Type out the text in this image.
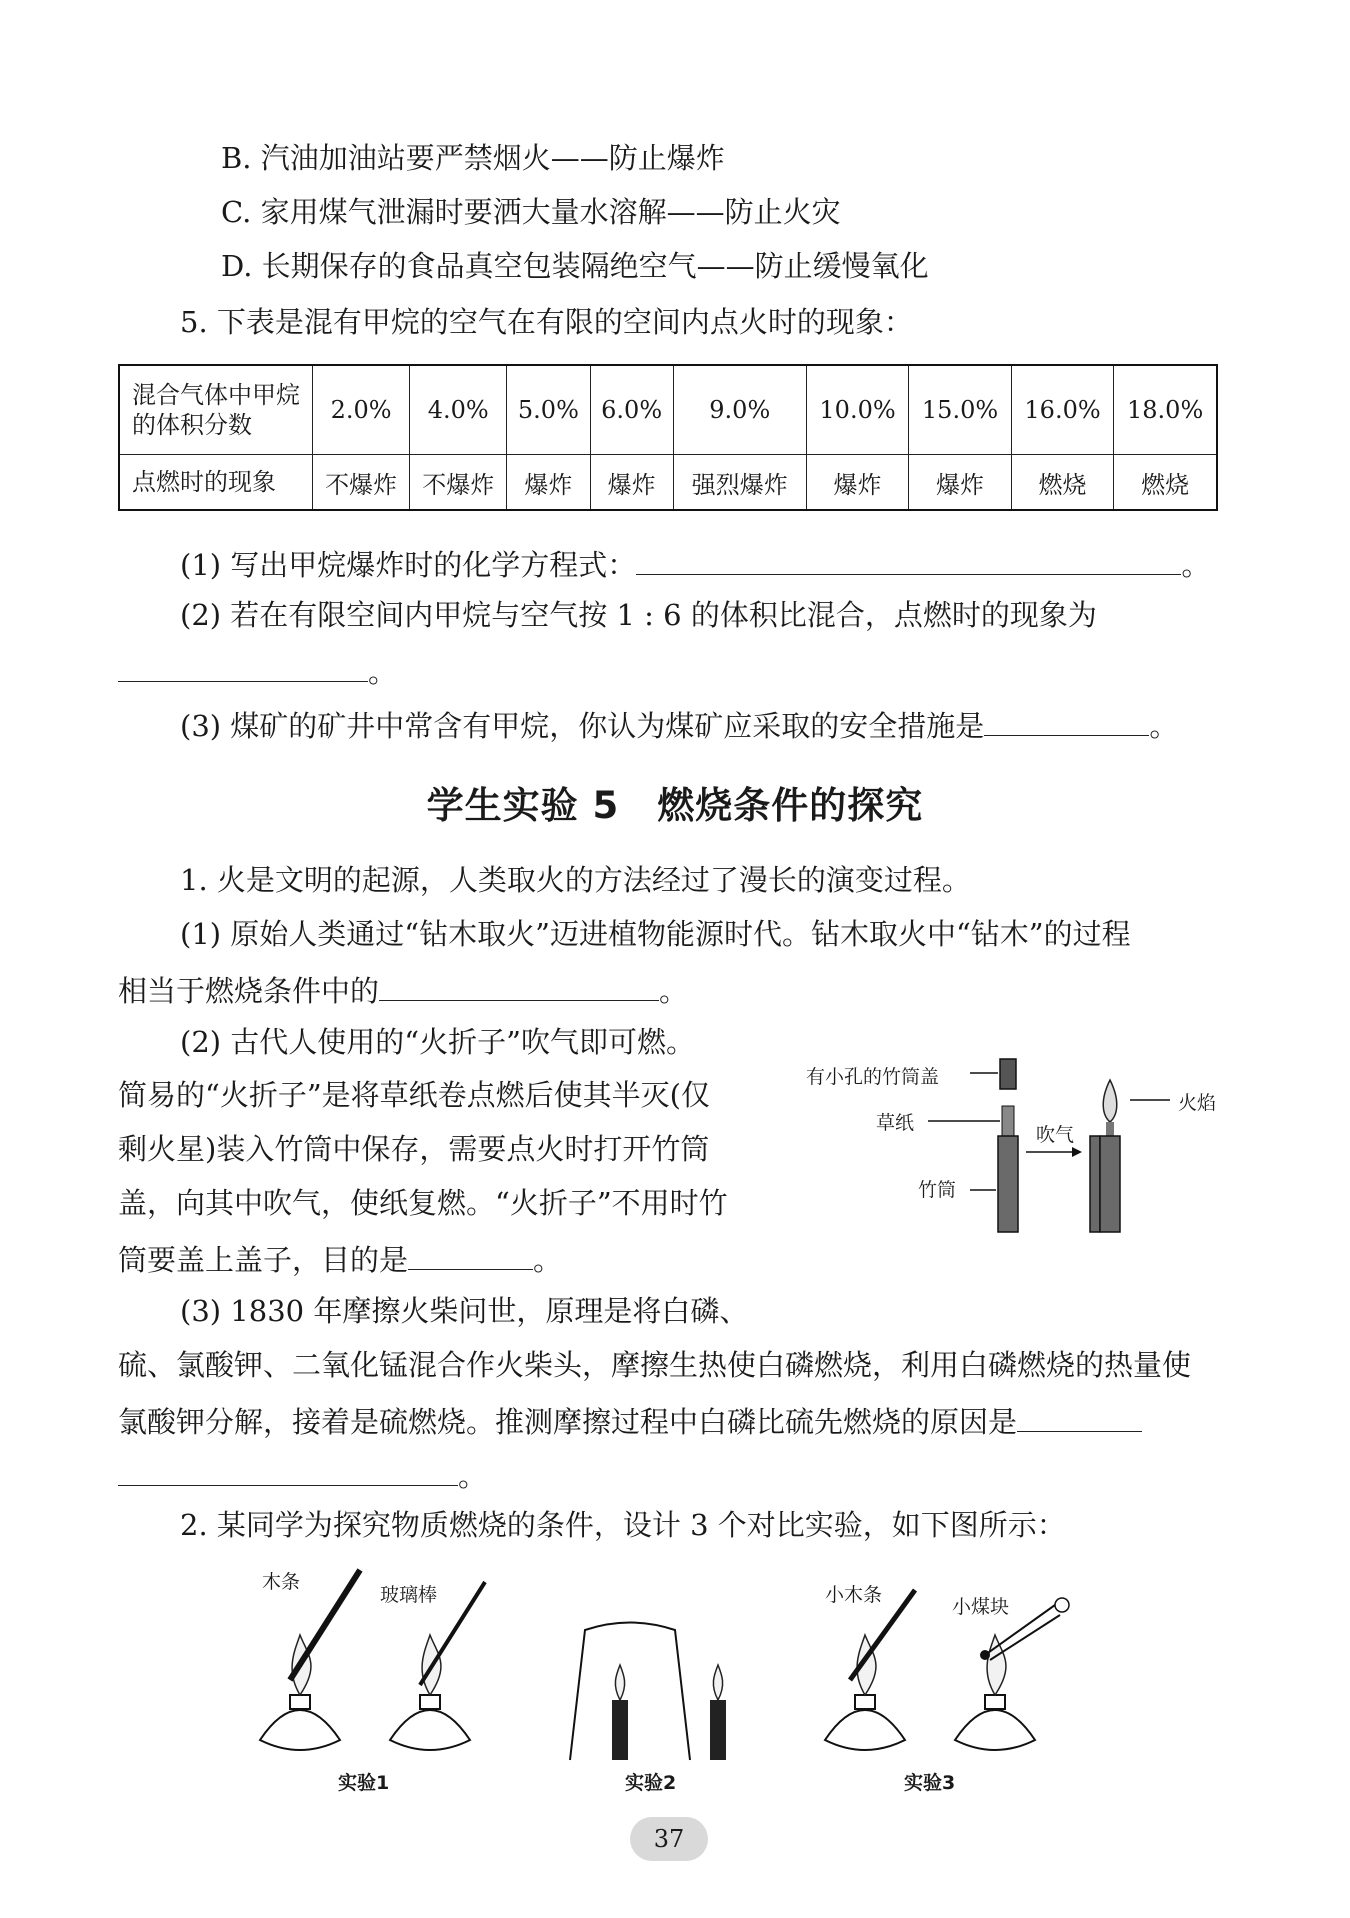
B. 汽油加油站要严禁烟火——防止爆炸
C. 家用煤气泄漏时要洒大量水溶解——防止火灾
D. 长期保存的食品真空包装隔绝空气——防止缓慢氧化
5. 下表是混有甲烷的空气在有限的空间内点火时的现象：
混合气体中甲烷的体积分数	2.0%	4.0%	5.0%	6.0%	9.0%	10.0%	15.0%	16.0%	18.0%
点燃时的现象	不爆炸	不爆炸	爆炸	爆炸	强烈爆炸	爆炸	爆炸	燃烧	燃烧
(1) 写出甲烷爆炸时的化学方程式：	。
(2) 若在有限空间内甲烷与空气按 1 : 6 的体积比混合，点燃时的现象为
。
(3) 煤矿的矿井中常含有甲烷，你认为煤矿应采取的安全措施是	。
学生实验 5　燃烧条件的探究
1. 火是文明的起源，人类取火的方法经过了漫长的演变过程。
(1) 原始人类通过“钻木取火”迈进植物能源时代。钻木取火中“钻木”的过程
相当于燃烧条件中的	。
(2) 古代人使用的“火折子”吹气即可燃。
简易的“火折子”是将草纸卷点燃后使其半灭(仅
剩火星)装入竹筒中保存，需要点火时打开竹筒
盖，向其中吹气，使纸复燃。“火折子”不用时竹
筒要盖上盖子，目的是	。
有小孔的竹筒盖
草纸
竹筒
吹气
火焰
(3) 1830 年摩擦火柴问世，原理是将白磷、
硫、氯酸钾、二氧化锰混合作火柴头，摩擦生热使白磷燃烧，利用白磷燃烧的热量使
氯酸钾分解，接着是硫燃烧。推测摩擦过程中白磷比硫先燃烧的原因是
。
2. 某同学为探究物质燃烧的条件，设计 3 个对比实验，如下图所示：
木条
玻璃棒	小木条
小煤块
实验1	实验2	实验3
37
